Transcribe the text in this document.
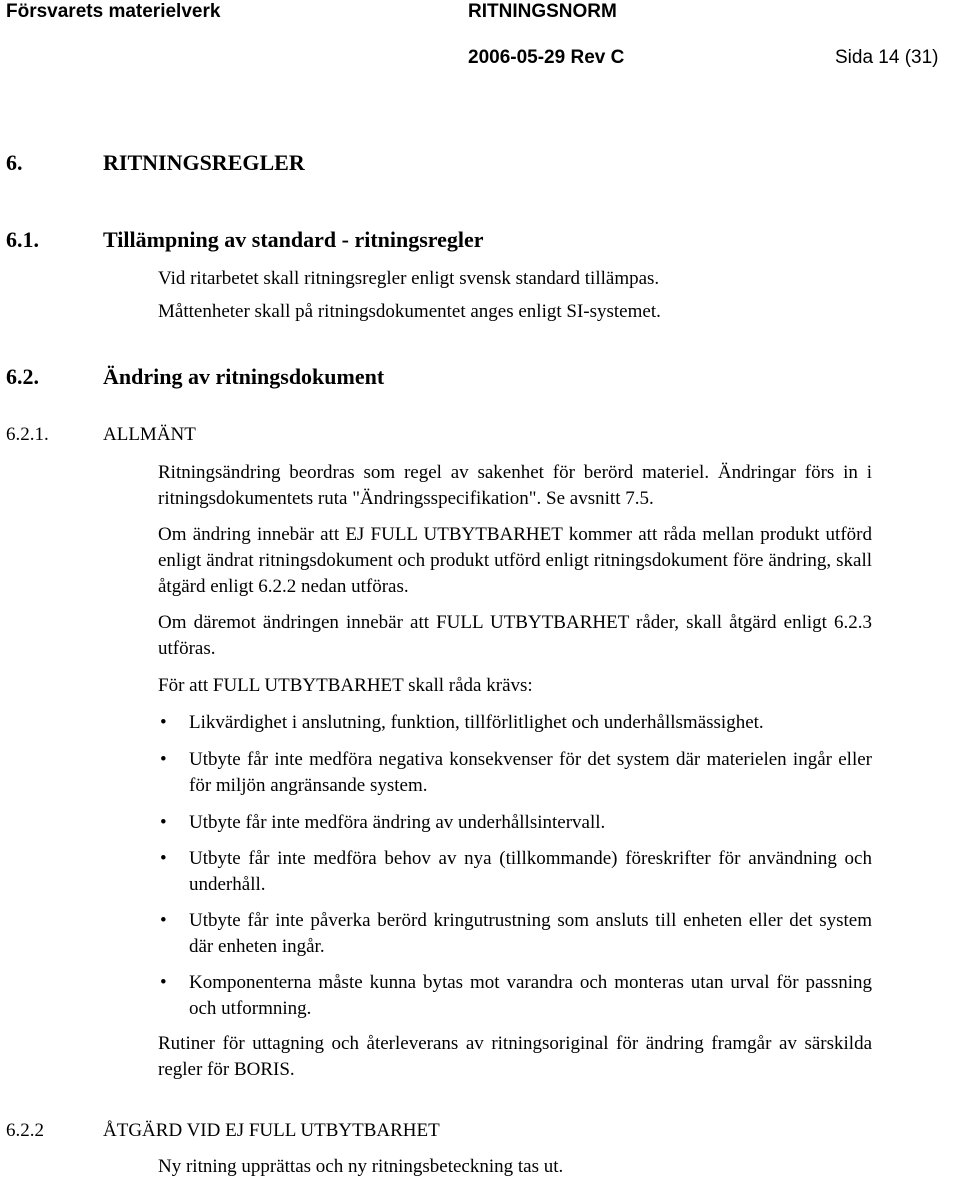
Försvarets materielverk	RITNINGSNORM
2006-05-29 Rev C	Sida 14 (31)
6.	RITNINGSREGLER
6.1.	Tillämpning av standard - ritningsregler
Vid ritarbetet skall ritningsregler enligt svensk standard tillämpas.
Måttenheter skall på ritningsdokumentet anges enligt SI-systemet.
6.2.	Ändring av ritningsdokument
6.2.1.	ALLMÄNT
Ritningsändring beordras som regel av sakenhet för berörd materiel. Ändringar förs in i ritningsdokumentets ruta "Ändringsspecifikation". Se avsnitt 7.5.
Om ändring innebär att EJ FULL UTBYTBARHET kommer att råda mellan produkt utförd enligt ändrat ritningsdokument och produkt utförd enligt ritningsdokument före ändring, skall åtgärd enligt 6.2.2 nedan utföras.
Om däremot ändringen innebär att FULL UTBYTBARHET råder, skall åtgärd enligt 6.2.3 utföras.
För att FULL UTBYTBARHET skall råda krävs:
• Likvärdighet i anslutning, funktion, tillförlitlighet och underhållsmässighet.
• Utbyte får inte medföra negativa konsekvenser för det system där materielen ingår eller för miljön angränsande system.
• Utbyte får inte medföra ändring av underhållsintervall.
• Utbyte får inte medföra behov av nya (tillkommande) föreskrifter för användning och underhåll.
• Utbyte får inte påverka berörd kringutrustning som ansluts till enheten eller det system där enheten ingår.
• Komponenterna måste kunna bytas mot varandra och monteras utan urval för passning och utformning.
Rutiner för uttagning och återleverans av ritningsoriginal för ändring framgår av särskilda regler för BORIS.
6.2.2	ÅTGÄRD VID EJ FULL UTBYTBARHET
Ny ritning upprättas och ny ritningsbeteckning tas ut.
